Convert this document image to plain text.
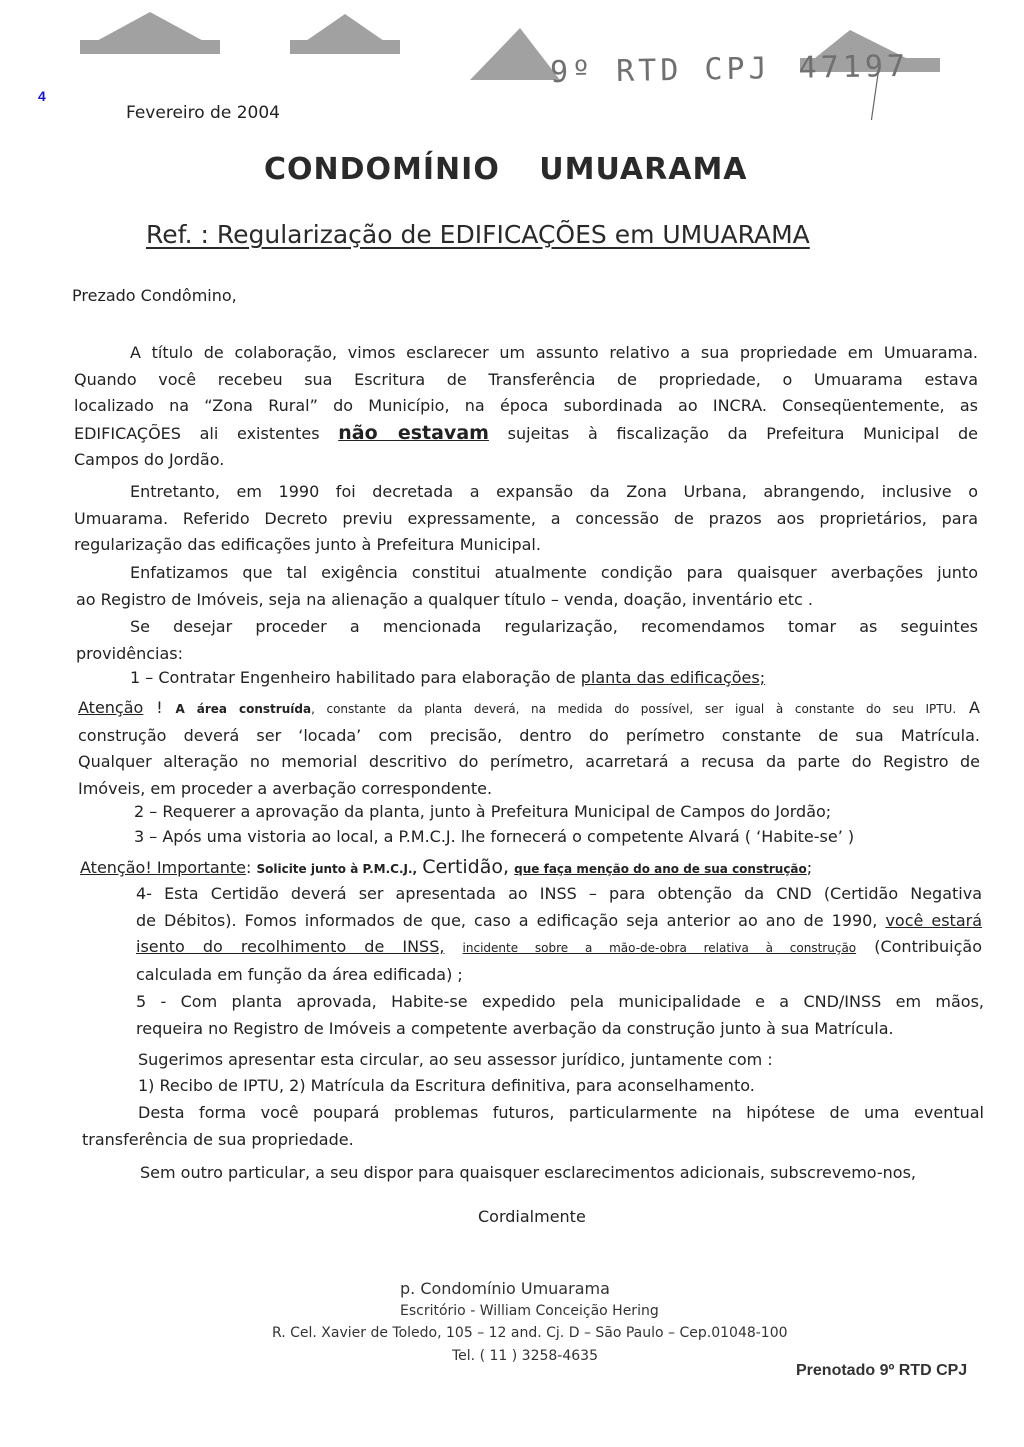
4
9º RTD CPJ 47197
Fevereiro de 2004
CONDOMÍNIO UMUARAMA
Ref. : Regularização de EDIFICAÇÕES em UMUARAMA
Prezado Condômino,
A título de colaboração, vimos esclarecer um assunto relativo a sua propriedade em Umuarama.
Quando você recebeu sua Escritura de Transferência de propriedade, o Umuarama estava
localizado na “Zona Rural” do Município, na época subordinada ao INCRA. Conseqüentemente, as
EDIFICAÇÕES ali existentes não estavam sujeitas à fiscalização da Prefeitura Municipal de
Campos do Jordão.
Entretanto, em 1990 foi decretada a expansão da Zona Urbana, abrangendo, inclusive o
Umuarama. Referido Decreto previu expressamente, a concessão de prazos aos proprietários, para
regularização das edificações junto à Prefeitura Municipal.
Enfatizamos que tal exigência constitui atualmente condição para quaisquer averbações junto
ao Registro de Imóveis, seja na alienação a qualquer título – venda, doação, inventário etc .
Se desejar proceder a mencionada regularização, recomendamos tomar as seguintes
providências:
1 – Contratar Engenheiro habilitado para elaboração de planta das edificações;
Atenção ! A área construída, constante da planta deverá, na medida do possível, ser igual à constante do seu IPTU. A
construção deverá ser ‘locada’ com precisão, dentro do perímetro constante de sua Matrícula.
Qualquer alteração no memorial descritivo do perímetro, acarretará a recusa da parte do Registro de
Imóveis, em proceder a averbação correspondente.
2 – Requerer a aprovação da planta, junto à Prefeitura Municipal de Campos do Jordão;
3 – Após uma vistoria ao local, a P.M.C.J. lhe fornecerá o competente Alvará ( ‘Habite-se’ )
Atenção! Importante: Solicite junto à P.M.C.J., Certidão, que faça menção do ano de sua construção;
4- Esta Certidão deverá ser apresentada ao INSS – para obtenção da CND (Certidão Negativa
de Débitos). Fomos informados de que, caso a edificação seja anterior ao ano de 1990, você estará
isento do recolhimento de INSS, incidente sobre a mão-de-obra relativa à construção (Contribuição
calculada em função da área edificada) ;
5 - Com planta aprovada, Habite-se expedido pela municipalidade e a CND/INSS em mãos,
requeira no Registro de Imóveis a competente averbação da construção junto à sua Matrícula.
Sugerimos apresentar esta circular, ao seu assessor jurídico, juntamente com :
1) Recibo de IPTU, 2) Matrícula da Escritura definitiva, para aconselhamento.
Desta forma você poupará problemas futuros, particularmente na hipótese de uma eventual
transferência de sua propriedade.
Sem outro particular, a seu dispor para quaisquer esclarecimentos adicionais, subscrevemo-nos,
Cordialmente
p. Condomínio Umuarama
Escritório - William Conceição Hering
R. Cel. Xavier de Toledo, 105 – 12 and. Cj. D – São Paulo – Cep.01048-100
Tel. ( 11 ) 3258-4635
Prenotado 9º RTD CPJ
